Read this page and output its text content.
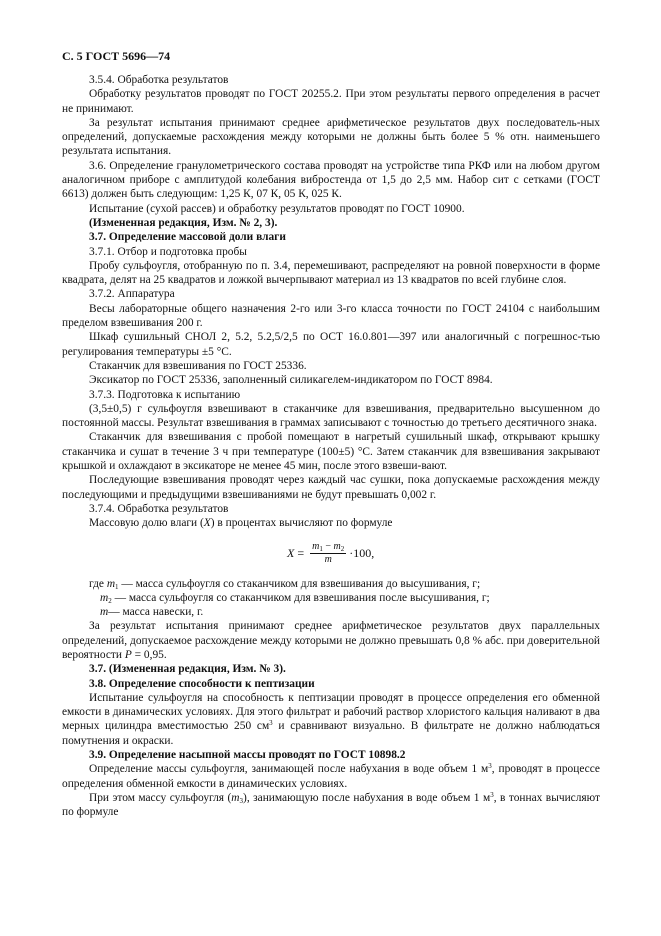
С. 5 ГОСТ 5696—74

3.5.4. Обработка результатов

Обработку результатов проводят по ГОСТ 20255.2. При этом результаты первого определения в расчет не принимают.

За результат испытания принимают среднее арифметическое результатов двух последователь-ных определений, допускаемые расхождения между которыми не должны быть более 5 % отн. наименьшего результата испытания.

3.6. Определение гранулометрического состава проводят на устройстве типа РКФ или на любом другом аналогичном приборе с амплитудой колебания вибростенда от 1,5 до 2,5 мм. Набор сит с сетками (ГОСТ 6613) должен быть следующим: 1,25 К, 07 К, 05 К, 025 К.

Испытание (сухой рассев) и обработку результатов проводят по ГОСТ 10900.

(Измененная редакция, Изм. № 2, 3).

3.7. Определение массовой доли влаги

3.7.1. Отбор и подготовка пробы

Пробу сульфоугля, отобранную по п. 3.4, перемешивают, распределяют на ровной поверхности в форме квадрата, делят на 25 квадратов и ложкой вычерпывают материал из 13 квадратов по всей глубине слоя.

3.7.2. Аппаратура

Весы лабораторные общего назначения 2-го или 3-го класса точности по ГОСТ 24104 с наибольшим пределом взвешивания 200 г.

Шкаф сушильный СНОЛ 2, 5.2, 5.2,5/2,5 по ОСТ 16.0.801—397 или аналогичный с погрешнос-тью регулирования температуры ±5 °С.

Стаканчик для взвешивания по ГОСТ 25336.

Эксикатор по ГОСТ 25336, заполненный силикагелем-индикатором по ГОСТ 8984.

3.7.3. Подготовка к испытанию

(3,5±0,5) г сульфоугля взвешивают в стаканчике для взвешивания, предварительно высушенном до постоянной массы. Результат взвешивания в граммах записывают с точностью до третьего десятичного знака.

Стаканчик для взвешивания с пробой помещают в нагретый сушильный шкаф, открывают крышку стаканчика и сушат в течение 3 ч при температуре (100±5) °С. Затем стаканчик для взвешивания закрывают крышкой и охлаждают в эксикаторе не менее 45 мин, после этого взвеши-вают.

Последующие взвешивания проводят через каждый час сушки, пока допускаемые расхождения между последующими и предыдущими взвешиваниями не будут превышать 0,002 г.

3.7.4. Обработка результатов

Массовую долю влаги (X) в процентах вычисляют по формуле

$X = \frac{m_1 - m_2}{m} \cdot 100$,

где $m_1$ — масса сульфоугля со стаканчиком для взвешивания до высушивания, г;

$m_2$ — масса сульфоугля со стаканчиком для взвешивания после высушивания, г;

m— масса навески, г.

За результат испытания принимают среднее арифметическое результатов двух параллельных определений, допускаемое расхождение между которыми не должно превышать 0,8 % абс. при доверительной вероятности P = 0,95.

3.7. (Измененная редакция, Изм. № 3).

3.8. Определение способности к пептизации

Испытание сульфоугля на способность к пептизации проводят в процессе определения его обменной емкости в динамических условиях. Для этого фильтрат и рабочий раствор хлористого кальция наливают в два мерных цилиндра вместимостью 250 $см^3$ и сравнивают визуально. В фильтрате не должно наблюдаться помутнения и окраски.

3.9. Определение насыпной массы проводят по ГОСТ 10898.2

Определение массы сульфоугля, занимающей после набухания в воде объем 1 $м^3$, проводят в процессе определения обменной емкости в динамических условиях.

При этом массу сульфоугля $(m_3)$, занимающую после набухания в воде объем 1 $м^3$, в тоннах вычисляют по формуле
